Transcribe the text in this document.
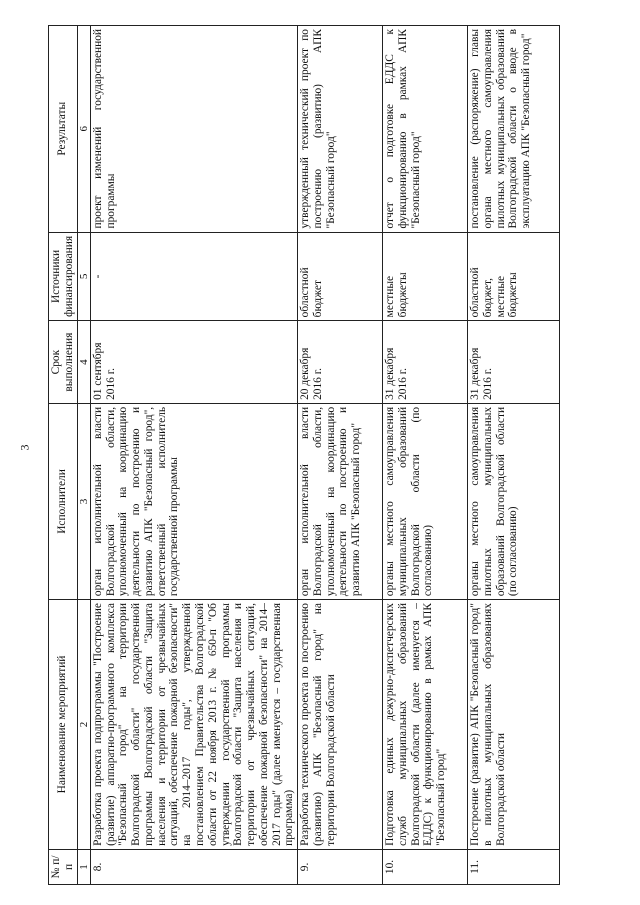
3
№ п/п	Наименование мероприятий	Исполнители	Срок выполнения	Источники финансирования	Результаты
1	2	3	4	5	6
8.	Разработка проекта подпрограммы "Построение (развитие) аппаратно-программного комплекса "Безопасный город" на территории Волгоградской области" государственной программы Волгоградской области "Защита населения и территории от чрезвычайных ситуаций, обеспечение пожарной безопасности" на 2014–2017 годы", утвержденной постановлением Правительства Волгоградской области от 22 ноября 2013 г. № 650-п "Об утверждении государственной программы Волгоградской области "Защита населения и территории от чрезвычайных ситуаций, обеспечение пожарной безопасности" на 2014–2017 годы" (далее именуется – государственная программа)	орган исполнительной власти Волгоградской области, уполномоченный на координацию деятельности по построению и развитию АПК "Безопасный город", ответственный исполнитель государственной программы	01 сентября 2016 г.	-	проект изменений государственной программы
9.	Разработка технического проекта по построению (развитию) АПК "Безопасный город" на территории Волгоградской области	орган исполнительной власти Волгоградской области, уполномоченный на координацию деятельности по построению и развитию АПК "Безопасный город"	20 декабря 2016 г.	областной бюджет	утвержденный технический проект по построению (развитию) АПК "Безопасный город"
10.	Подготовка единых дежурно-диспетчерских служб муниципальных образований Волгоградской области (далее именуется – ЕДДС) к функционированию в рамках АПК "Безопасный город"	органы местного самоуправления муниципальных образований Волгоградской области (по согласованию)	31 декабря 2016 г.	местные бюджеты	отчет о подготовке ЕДДС к функционированию в рамках АПК "Безопасный город"
11.	Построение (развитие) АПК "Безопасный город" в пилотных муниципальных образованиях Волгоградской области	органы местного самоуправления пилотных муниципальных образований Волгоградской области (по согласованию)	31 декабря 2016 г.	областной бюджет, местные бюджеты	постановление (распоряжение) главы органа местного самоуправления пилотных муниципальных образований Волгоградской области о вводе в эксплуатацию АПК "Безопасный город"
